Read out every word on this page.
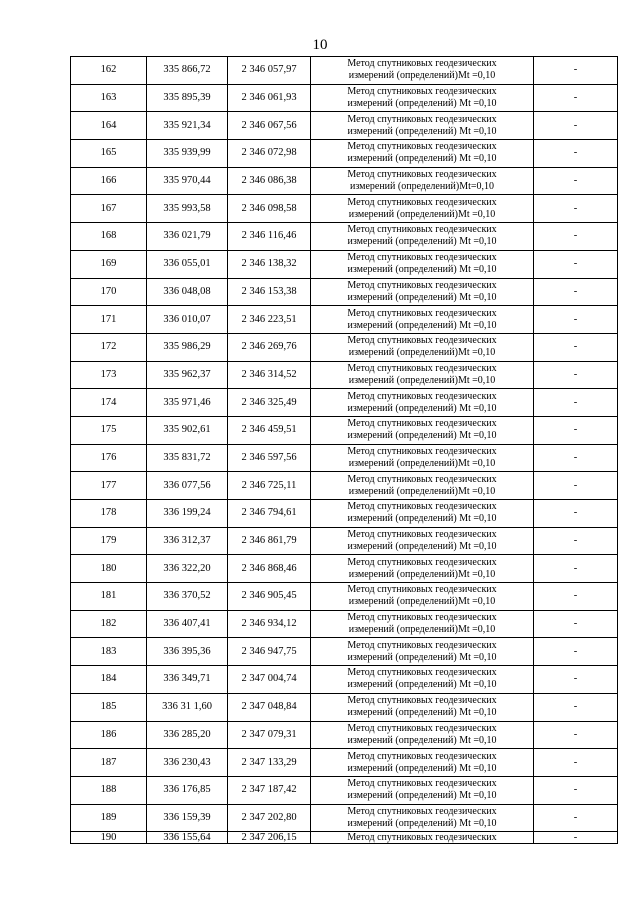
10
162	335 866,72	2 346 057,97	Метод спутниковых геодезических
измерений (определений)Mt =0,10	-
163	335 895,39	2 346 061,93	Метод спутниковых геодезических
измерений (определений) Mt =0,10	-
164	335 921,34	2 346 067,56	Метод спутниковых геодезических
измерений (определений) Mt =0,10	-
165	335 939,99	2 346 072,98	Метод спутниковых геодезических
измерений (определений) Mt =0,10	-
166	335 970,44	2 346 086,38	Метод спутниковых геодезических
измерений (определений)Mt=0,10	-
167	335 993,58	2 346 098,58	Метод спутниковых геодезических
измерений (определений)Mt =0,10	-
168	336 021,79	2 346 116,46	Метод спутниковых геодезических
измерений (определений) Mt =0,10	-
169	336 055,01	2 346 138,32	Метод спутниковых геодезических
измерений (определений) Mt =0,10	-
170	336 048,08	2 346 153,38	Метод спутниковых геодезических
измерений (определений) Mt =0,10	-
171	336 010,07	2 346 223,51	Метод спутниковых геодезических
измерений (определений) Mt =0,10	-
172	335 986,29	2 346 269,76	Метод спутниковых геодезических
измерений (определений)Mt =0,10	-
173	335 962,37	2 346 314,52	Метод спутниковых геодезических
измерений (определений)Mt =0,10	-
174	335 971,46	2 346 325,49	Метод спутниковых геодезических
измерений (определений) Mt =0,10	-
175	335 902,61	2 346 459,51	Метод спутниковых геодезических
измерений (определений) Mt =0,10	-
176	335 831,72	2 346 597,56	Метод спутниковых геодезических
измерений (определений)Mt =0,10	-
177	336 077,56	2 346 725,11	Метод спутниковых геодезических
измерений (определений)Mt =0,10	-
178	336 199,24	2 346 794,61	Метод спутниковых геодезических
измерений (определений) Mt =0,10	-
179	336 312,37	2 346 861,79	Метод спутниковых геодезических
измерений (определений) Mt =0,10	-
180	336 322,20	2 346 868,46	Метод спутниковых геодезических
измерений (определений)Mt =0,10	-
181	336 370,52	2 346 905,45	Метод спутниковых геодезических
измерений (определений)Mt =0,10	-
182	336 407,41	2 346 934,12	Метод спутниковых геодезических
измерений (определений)Mt =0,10	-
183	336 395,36	2 346 947,75	Метод спутниковых геодезических
измерений (определений) Mt =0,10	-
184	336 349,71	2 347 004,74	Метод спутниковых геодезических
измерений (определений) Mt =0,10	-
185	336 31 1,60	2 347 048,84	Метод спутниковых геодезических
измерений (определений) Mt =0,10	-
186	336 285,20	2 347 079,31	Метод спутниковых геодезических
измерений (определений) Mt =0,10	-
187	336 230,43	2 347 133,29	Метод спутниковых геодезических
измерений (определений) Mt =0,10	-
188	336 176,85	2 347 187,42	Метод спутниковых геодезических
измерений (определений) Mt =0,10	-
189	336 159,39	2 347 202,80	Метод спутниковых геодезических
измерений (определений) Mt =0,10	-
190	336 155,64	2 347 206,15	Метод спутниковых геодезических	-
